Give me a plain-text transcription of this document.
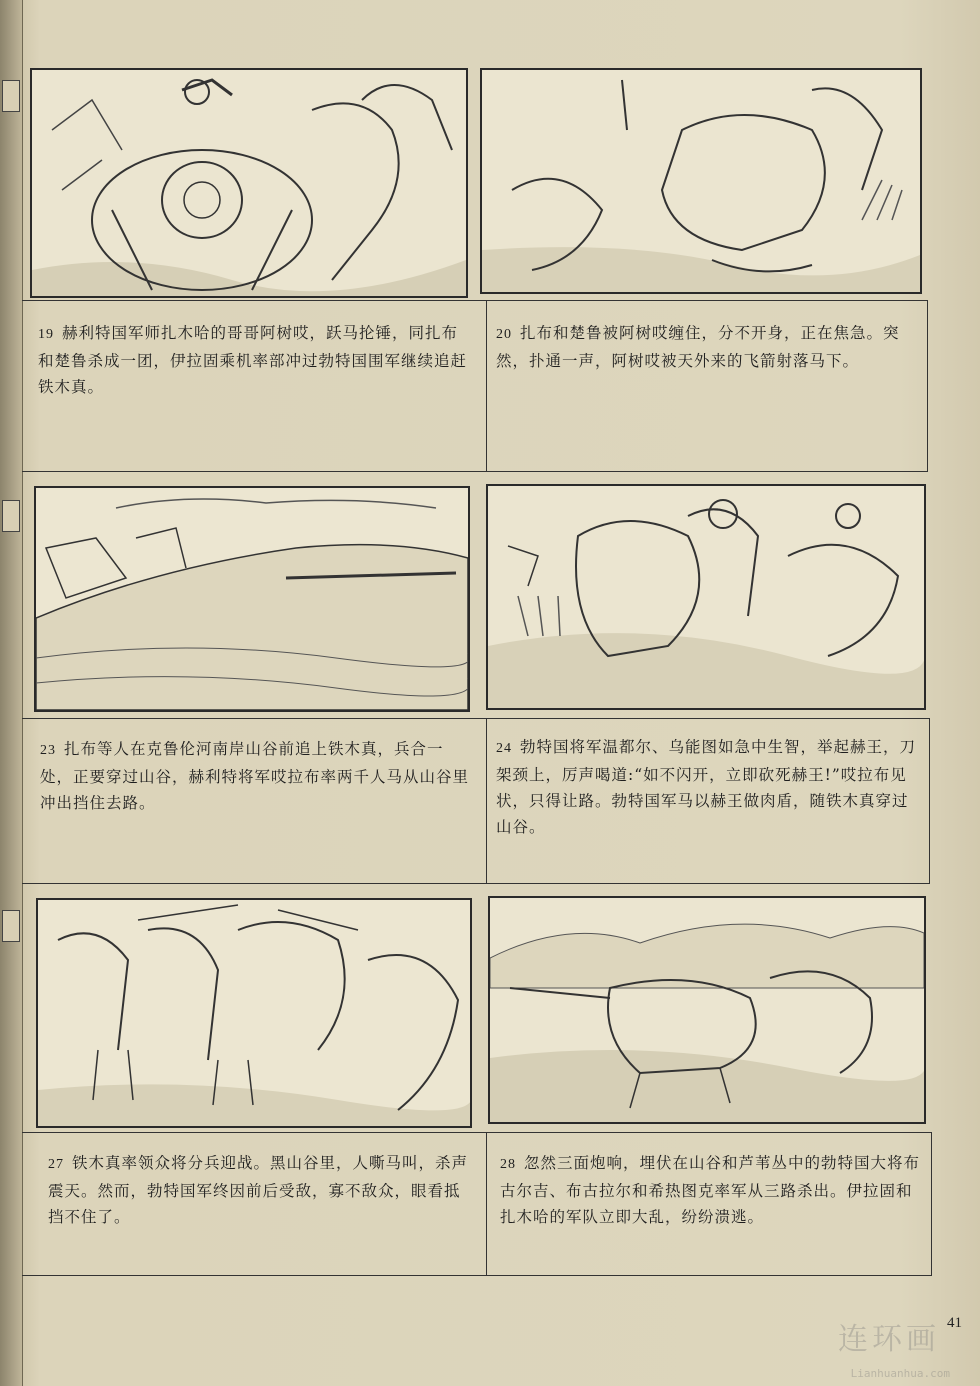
19 赫利特国军师扎木哈的哥哥阿树哎，跃马抡锤，同扎布和楚鲁杀成一团，伊拉固乘机率部冲过勃特国围军继续追赶铁木真。
20 扎布和楚鲁被阿树哎缠住，分不开身，正在焦急。突然，扑通一声，阿树哎被天外来的飞箭射落马下。
23 扎布等人在克鲁伦河南岸山谷前追上铁木真，兵合一处，正要穿过山谷，赫利特将军哎拉布率两千人马从山谷里冲出挡住去路。
24 勃特国将军温都尔、乌能图如急中生智，举起赫王，刀架颈上，厉声喝道:“如不闪开，立即砍死赫王!”哎拉布见状，只得让路。勃特国军马以赫王做肉盾，随铁木真穿过山谷。
27 铁木真率领众将分兵迎战。黑山谷里，人嘶马叫，杀声震天。然而，勃特国军终因前后受敌，寡不敌众，眼看抵挡不住了。
28 忽然三面炮响，埋伏在山谷和芦苇丛中的勃特国大将布古尔吉、布古拉尔和希热图克率军从三路杀出。伊拉固和扎木哈的军队立即大乱，纷纷溃逃。
41
连环画
Lianhuanhua.com
